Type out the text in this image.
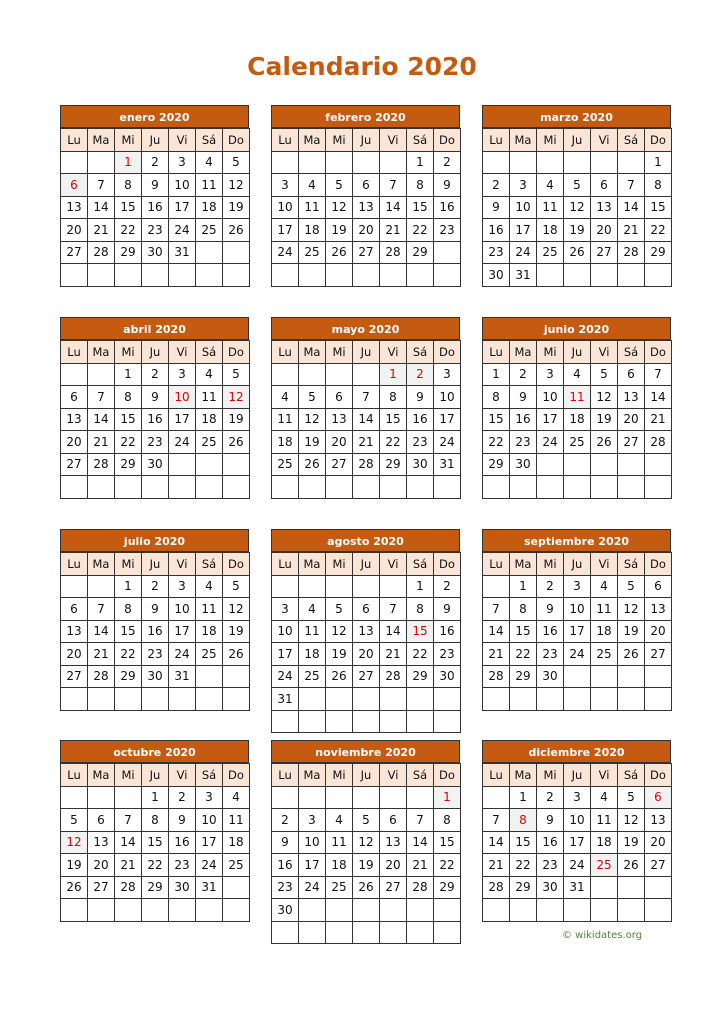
Calendario 2020
enero 2020
Lu	Ma	Mi	Ju	Vi	Sá	Do
		1	2	3	4	5
6	7	8	9	10	11	12
13	14	15	16	17	18	19
20	21	22	23	24	25	26
27	28	29	30	31		

febrero 2020
Lu	Ma	Mi	Ju	Vi	Sá	Do
					1	2
3	4	5	6	7	8	9
10	11	12	13	14	15	16
17	18	19	20	21	22	23
24	25	26	27	28	29	

marzo 2020
Lu	Ma	Mi	Ju	Vi	Sá	Do
						1
2	3	4	5	6	7	8
9	10	11	12	13	14	15
16	17	18	19	20	21	22
23	24	25	26	27	28	29
30	31					
abril 2020
Lu	Ma	Mi	Ju	Vi	Sá	Do
		1	2	3	4	5
6	7	8	9	10	11	12
13	14	15	16	17	18	19
20	21	22	23	24	25	26
27	28	29	30			

mayo 2020
Lu	Ma	Mi	Ju	Vi	Sá	Do
				1	2	3
4	5	6	7	8	9	10
11	12	13	14	15	16	17
18	19	20	21	22	23	24
25	26	27	28	29	30	31

junio 2020
Lu	Ma	Mi	Ju	Vi	Sá	Do
1	2	3	4	5	6	7
8	9	10	11	12	13	14
15	16	17	18	19	20	21
22	23	24	25	26	27	28
29	30					

julio 2020
Lu	Ma	Mi	Ju	Vi	Sá	Do
		1	2	3	4	5
6	7	8	9	10	11	12
13	14	15	16	17	18	19
20	21	22	23	24	25	26
27	28	29	30	31		

agosto 2020
Lu	Ma	Mi	Ju	Vi	Sá	Do
					1	2
3	4	5	6	7	8	9
10	11	12	13	14	15	16
17	18	19	20	21	22	23
24	25	26	27	28	29	30
31						

septiembre 2020
Lu	Ma	Mi	Ju	Vi	Sá	Do
	1	2	3	4	5	6
7	8	9	10	11	12	13
14	15	16	17	18	19	20
21	22	23	24	25	26	27
28	29	30				

octubre 2020
Lu	Ma	Mi	Ju	Vi	Sá	Do
			1	2	3	4
5	6	7	8	9	10	11
12	13	14	15	16	17	18
19	20	21	22	23	24	25
26	27	28	29	30	31	

noviembre 2020
Lu	Ma	Mi	Ju	Vi	Sá	Do
						1
2	3	4	5	6	7	8
9	10	11	12	13	14	15
16	17	18	19	20	21	22
23	24	25	26	27	28	29
30						

diciembre 2020
Lu	Ma	Mi	Ju	Vi	Sá	Do
	1	2	3	4	5	6
7	8	9	10	11	12	13
14	15	16	17	18	19	20
21	22	23	24	25	26	27
28	29	30	31			

© wikidates.org
